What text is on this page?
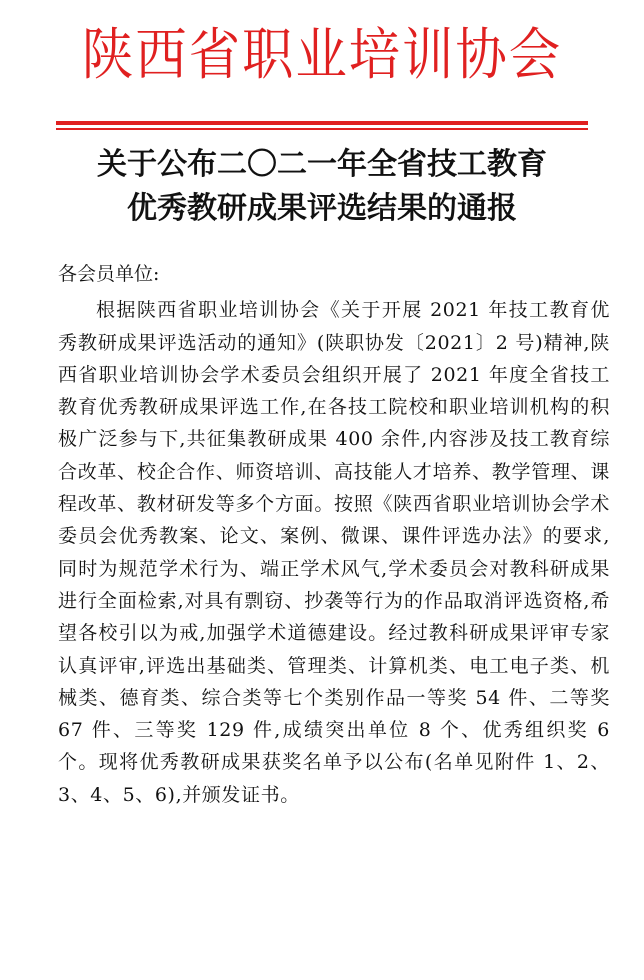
陕西省职业培训协会
关于公布二〇二一年全省技工教育
优秀教研成果评选结果的通报

各会员单位:

根据陕西省职业培训协会《关于开展 2021 年技工教育优秀教研成果评选活动的通知》(陕职协发〔2021〕2 号)精神,陕西省职业培训协会学术委员会组织开展了 2021 年度全省技工教育优秀教研成果评选工作,在各技工院校和职业培训机构的积极广泛参与下,共征集教研成果 400 余件,内容涉及技工教育综合改革、校企合作、师资培训、高技能人才培养、教学管理、课程改革、教材研发等多个方面。按照《陕西省职业培训协会学术委员会优秀教案、论文、案例、微课、课件评选办法》的要求,同时为规范学术行为、端正学术风气,学术委员会对教科研成果进行全面检索,对具有剽窃、抄袭等行为的作品取消评选资格,希望各校引以为戒,加强学术道德建设。经过教科研成果评审专家认真评审,评选出基础类、管理类、计算机类、电工电子类、机械类、德育类、综合类等七个类别作品一等奖 54 件、二等奖 67 件、三等奖 129 件,成绩突出单位 8 个、优秀组织奖 6 个。现将优秀教研成果获奖名单予以公布(名单见附件 1、2、3、4、5、6),并颁发证书。
